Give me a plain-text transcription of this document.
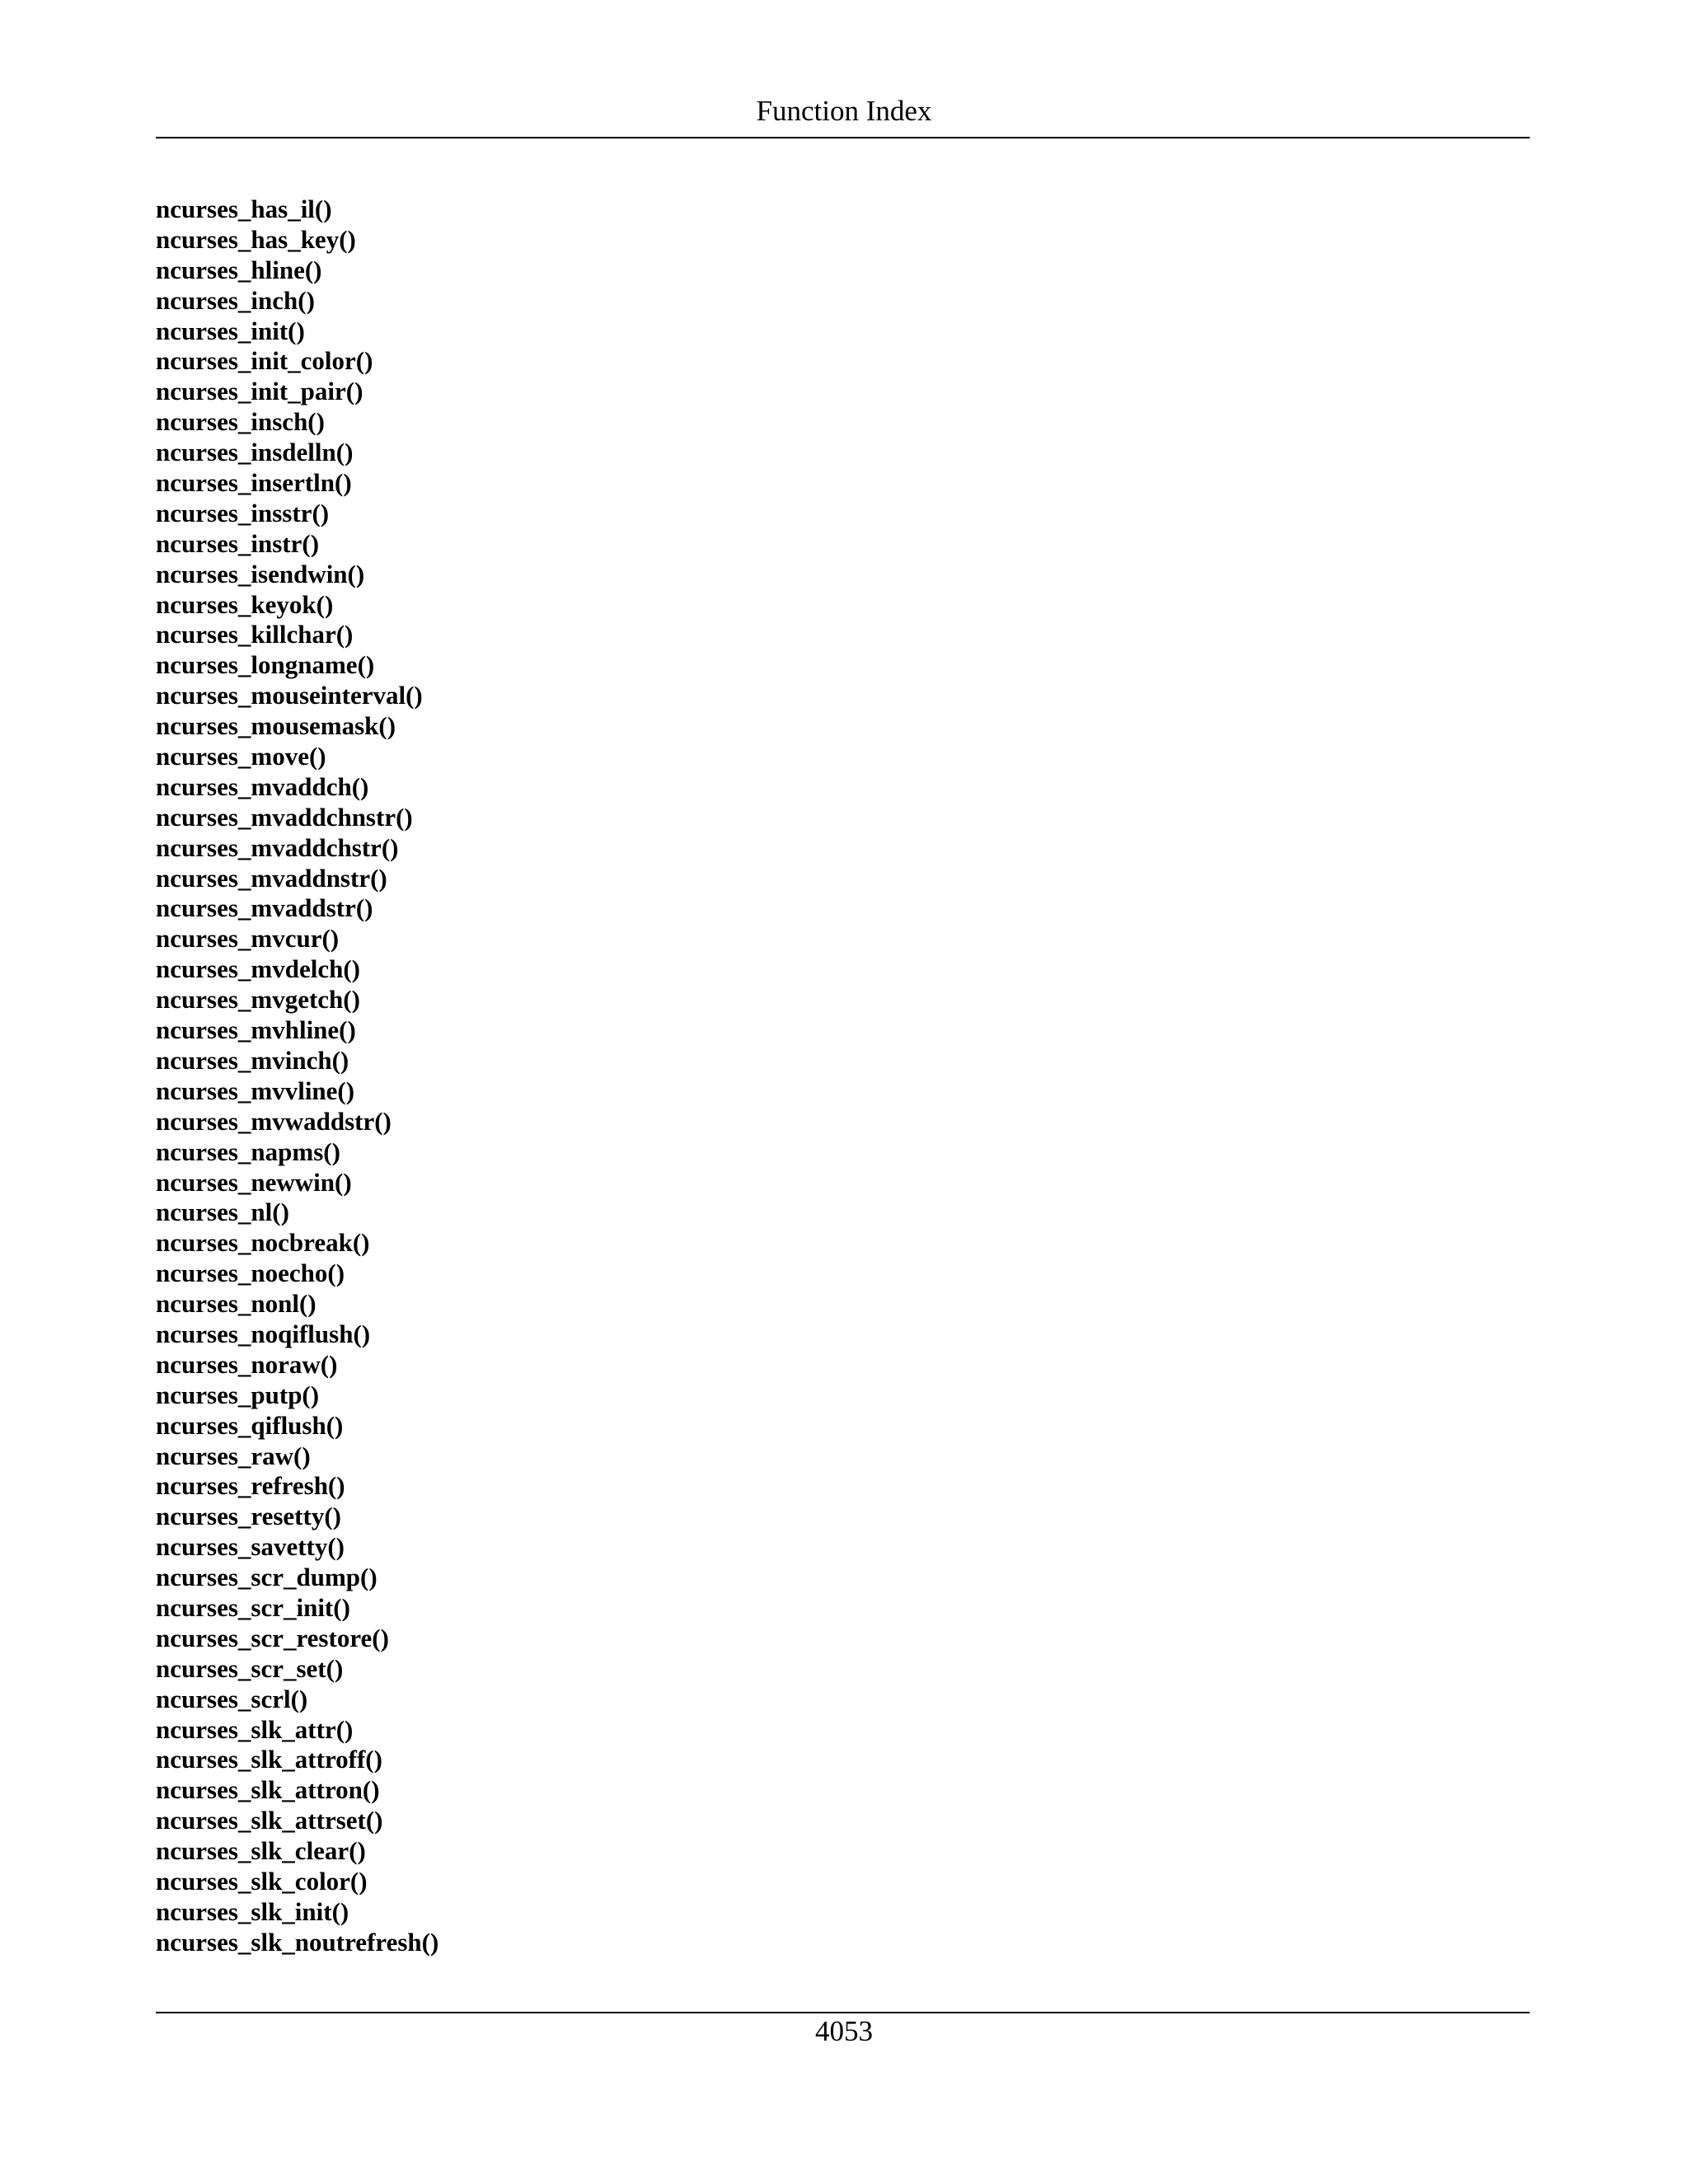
Function Index
ncurses_has_il()
ncurses_has_key()
ncurses_hline()
ncurses_inch()
ncurses_init()
ncurses_init_color()
ncurses_init_pair()
ncurses_insch()
ncurses_insdelln()
ncurses_insertln()
ncurses_insstr()
ncurses_instr()
ncurses_isendwin()
ncurses_keyok()
ncurses_killchar()
ncurses_longname()
ncurses_mouseinterval()
ncurses_mousemask()
ncurses_move()
ncurses_mvaddch()
ncurses_mvaddchnstr()
ncurses_mvaddchstr()
ncurses_mvaddnstr()
ncurses_mvaddstr()
ncurses_mvcur()
ncurses_mvdelch()
ncurses_mvgetch()
ncurses_mvhline()
ncurses_mvinch()
ncurses_mvvline()
ncurses_mvwaddstr()
ncurses_napms()
ncurses_newwin()
ncurses_nl()
ncurses_nocbreak()
ncurses_noecho()
ncurses_nonl()
ncurses_noqiflush()
ncurses_noraw()
ncurses_putp()
ncurses_qiflush()
ncurses_raw()
ncurses_refresh()
ncurses_resetty()
ncurses_savetty()
ncurses_scr_dump()
ncurses_scr_init()
ncurses_scr_restore()
ncurses_scr_set()
ncurses_scrl()
ncurses_slk_attr()
ncurses_slk_attroff()
ncurses_slk_attron()
ncurses_slk_attrset()
ncurses_slk_clear()
ncurses_slk_color()
ncurses_slk_init()
ncurses_slk_noutrefresh()
4053
